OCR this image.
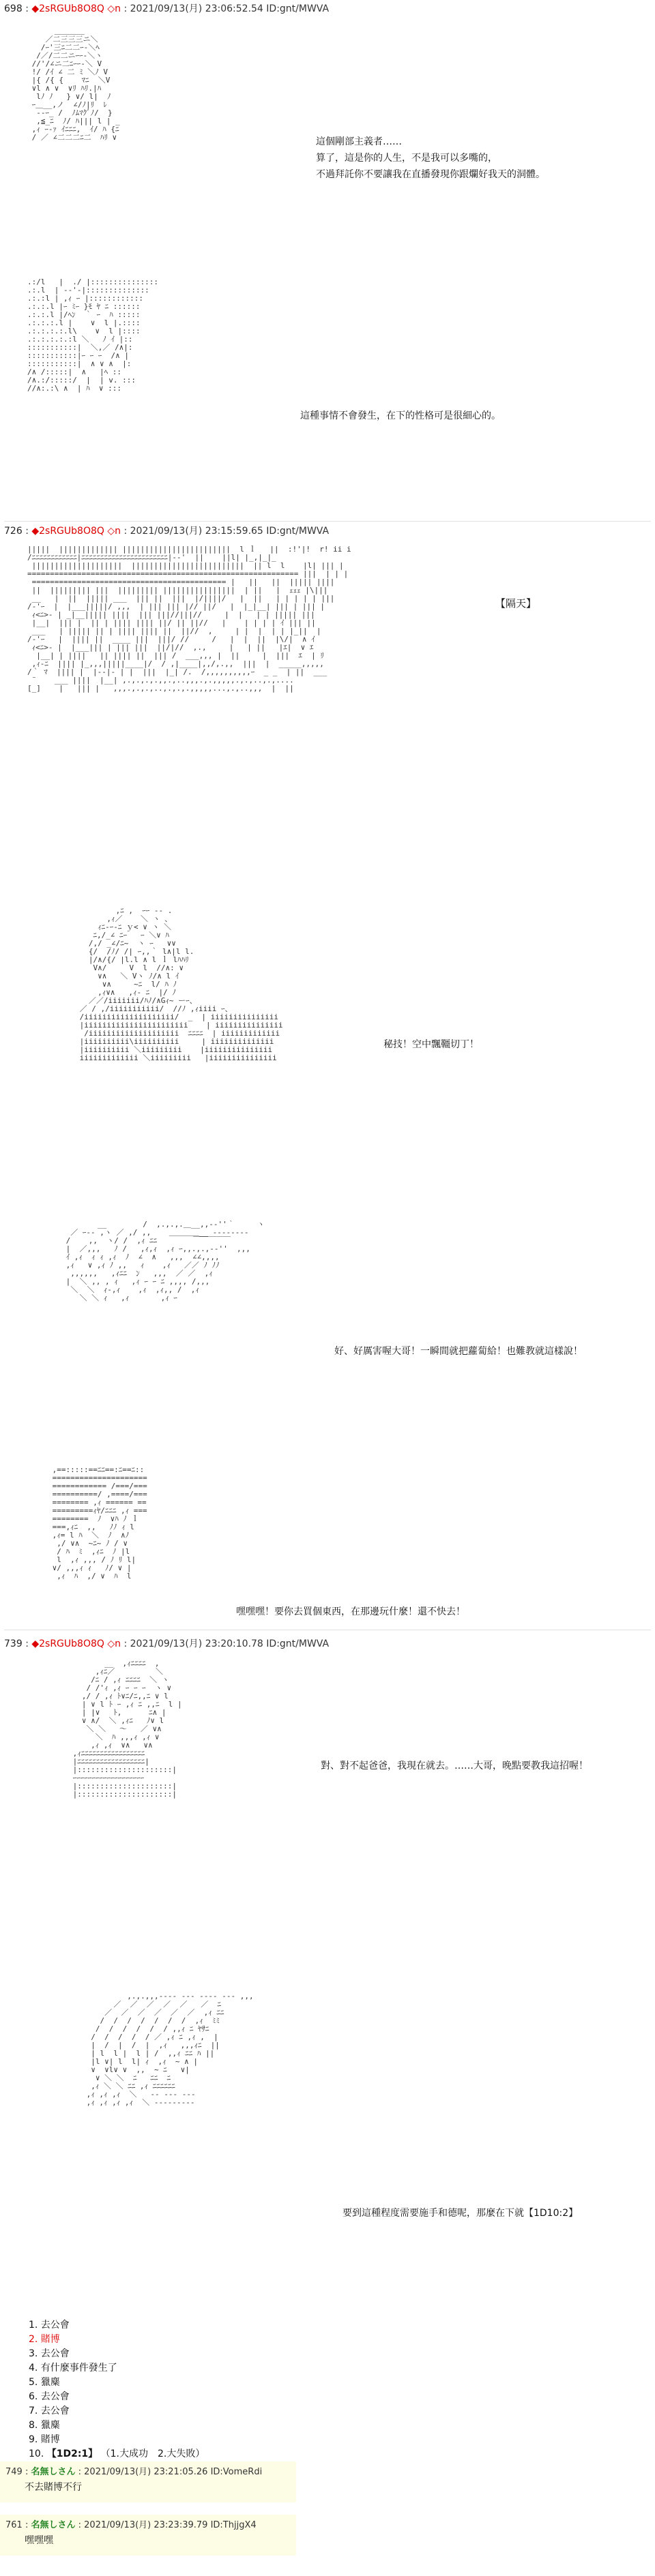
698 : ◆2sRGUb8O8Q ◇n : 2021/09/13(月) 23:06:52.54 ID:gnt/MWVA
＿＿＿＿
／二三三三ニ＼
/ｰ'三ﾆ二二ｰ-＼ﾍ
/／/二二ニｰｰ-＼ヽ
//'/∠ニ二ﾆｰｰ-＼ V
!/ /ｲ ∠ 二 ﾐ ＼ﾉ V
|{ /{ {    ﾏﾆ  ＼V
∨l ∧ ∨  ∨ﾘ ﾊﾘ.|ﾊ
lﾉ ﾉ   } ∨/ l|  ﾉ
ｰ＿__,ノ  ∠/ﾉ|ﾘ  ﾚ
‐-ｰ_ /  ﾉﾑﾏｸﾞﾉ/  }
,≦_ﾆ  ﾉ/ ﾊ||| l | _
,ｨ ｰ‐ｧ ｲﾆﾆﾆ,  ｲ/ ﾊ {ﾆ
/ ／ ∠二二二ﾆ二  ﾊﾘ ∨	這個剛部主義者……
算了，這是你的人生，不是我可以多嘴的，
不過拜託你不要讓我在直播發現你跟爛好我天的洞體。
.:/l   |  ./ |:::::::::::::::
.:.l  | ‐‐'‐|::::::::::::::
.:.:l | ,ｨ ｰ |::::::::::::
.:.:.l |ｰ ﾐｰ }ﾓ ﾔ ﾆ ::::::
.:.:.l |/ﾍﾝ  ｀ ｰ  ﾊ :::::
.:.:.:.l |    ∨  l |.::::
.:.:.:.:.l\    ∨  l |::::
.:.:.:.:.:l ＼   ﾉ ｲ |::
:::::::::::|  ＼,／ /∧|:
:::::::::::|ｰ ｰ ｰ  /∧ |
:::::::::::|  ∧ ∨ ∧  |:
/∧ /:::::|  ∧   |ﾍ ::
/∧.:/:::::/  |  | v. :::
//∧:.:\ ∧  | ﾊ  ∨ :::

這種事情不會發生，在下的性格可是很細心的。
726 : ◆2sRGUb8O8Q ◇n : 2021/09/13(月) 23:15:59.65 ID:gnt/MWVA
|||||  ||||||||||||| ||||||||||||||||||||||||  l ｌ   ||  :!'|!  r! ii i
/ﾆﾆﾆﾆﾆﾆﾆﾆﾆﾆﾆﾆ|ﾆﾆﾆﾆﾆﾆﾆﾆﾆﾆﾆﾆﾆﾆﾆﾆﾆﾆﾆﾆﾆﾆﾆ|‐‐'  ||    ||l| |_,|_|_
||||||||||||||||||||  |||||||||||||||||||||||||  || l  l    |l| ||| |
============================================================ |||  | | |
=========================================== |   ||   ||  ||||| ||||
||  ||||||||| |||  ||||||||| ||||||||||||||||  | ||   |  ｪｪｪ |\|||
__   |  ||  ||||| ___  ||| ||  |||  |/||||/   |  ||   | | | | | |||
/‐'ｰ  |  |___|||||/ ,,,  | ||| ||| |// ||/   |  |_|__| ||| | ||| |
ｨ<ﾆ>‐ | _|__||||| ||||  ||| |||//|||//     |  |   | | ||||| |||
|__|  ||| |  || | |||| |||| ||/ || ||//   |    | | | | ｲ ||| ||
___   | ||||| || | |||| |||| ||  ||//  ,     | |  |  | | |_||  |
/‐'ｰ   |  |||| ||  ____ |||  |||/ //     /   |  |  ||  |\/|  ∧ ｲ
ｨ<ﾆ>‐ |  |___||| | ||| |||  ||/|//  ,.,     |   | ||   |ｴ|  ∨ ｴ
|__| | ||||   || |||| ||  ||| /  ___,,, |  ||     |  |||  ｴ  | ﾘ
,ｨ‐ﾆ  |||| |_,,,|||||____|/  / ,|____|,,/,.,,  |||  |  _____,,,,,
/｀ ﾏ  |||| |  |‐‐|‐ | |  |||  |_| /.  /,,,,,,,,,,ｰ  _ _  | ||  ___
¨    ___ ||||  |__| ,.,.,.,.,,.,..,,,.,.,,,,,.,.,..,.,....
[_]    |   ||| |   ,,,.,.,.,..,.,.,.,,,,,...,.,..,,,  |  ||

【隔天】
,ﾆ ,  ｰｰ -‐ .
,ｨ／    ＼ ヽ 、
ｨﾆ‐ｰ-ﾆ ｙ< ∨ ヽ ＼
ﾆ,/_∠ ﾆｰ   ｰ ＼∨ ﾊ
/,/ _∠/ﾆ~  ヽ ｰ   ∨∨
{/  /ﾉ/ /| ｰ,,｀ l∧|l l.
|/∧/{/ |l.l ∧ l ｌ lﾊﾊﾘ
V∧/     V  l  //∧: ∨
∨∧   ＼ Vヽ ﾉ/∧ l ｲ
∨∧     ~ﾆ  l/ ﾊ ﾉ
,ｨ∨∧   ,ｨ‐ ﾆ  |/ ﾉ
／／/iiiiiii/ﾊﾉ/∧Gｨ~ ーｰ、
／ / ,/iiiiiiiiiii/  //ﾉ ,ｨiiii ｰ、
/iiiiiiiiiiiiiiiiiiii/  _  | iiiiiiiiiiiiiii
|iiiiiiiiiiiiiiiiiiiiiii    | iiiiiiiiiiiiiii
/iiiiiiiiiiiiiiiiiiii  ﾆﾆﾆﾆ  | iiiiiiiiiiiii
|iiiiiiiiii\iiiiiiiiii     | iiiiiiiiiiiiii
|iiiiiiiiii ＼iiiiiiiii    |iiiiiiiiiiiiiii
iiiiiiiiiiiii ＼iiiiiiiii   |iiiiiiiiiiiiiii

秘技！空中飄韁切丁！
__        /  ,.,.,.＿__,,-‐''｀￣￣￣ヽ
／ ｰ‐‐ ,ヽ ／ ,/ ,,    ＿＿＿＿__ -‐‐‐‐‐‐‐
/    ,,  ヽ/ /  ,ｨ ﾆﾆ        ￣￣￣￣￣
|  ／,,,   ﾉ /   ,ｨ,ｨ  ,ｨ ｰ,,.,.,‐‐''  ,,,
ｲ ,ｨ  ｨ ｨ ,ｨ  ﾉ  ∠  ∧   ,,,  ∠∠,,,,
,ｨ   ∨ ,ｨ ﾉ ,,   ｨ    ,ｨ   ／／ ﾉ ﾉﾉ
,,,,,,   ,ｨﾆﾆ  ﾝ   ,,,  ／ ／  ,ｨ
|  ＼ ,, , ｨ   ,ｨ ｰ ｰ ﾆ ,,,, /,,,
＼  ＼  ｨ‐,ｨ    ,ｨ  ,ｨ,, /  ,ｨ
＼ ＼ ｨ   ,ｨ       ,ｨ ｰ

好、好厲害喔大哥！一瞬間就把蘿蔔給！也難教就這樣說！
,==:::::==ﾆﾆ==:ﾆ==ﾆ::
=====================
============ /===/===
==========/ ,====/===
======== ,ｨ ====== ==
=========ｨﾔ/ﾆﾆﾆ ,ｨ ===
========  ﾉ  ∨ﾊ ﾉ ｌ
===,ｨﾆ  ,,   ﾉﾉ ｨ l
,ｨ= l ﾊ  ＼  ﾉ  ∧ﾉ
,/ ∨∧  ~ﾆ~ ﾉ / ∨
/ ﾊ  ﾐ  ,ｨﾆ  ﾉ |l
l  ,ｨ ,,, / ﾉ ﾘ l|
∨/ ,,,ｨ ｨ   ﾉ/ ∨ |
,ｨ  ﾊ  ,/ ∨  ﾊ  l

嘿嘿嘿！要你去買個東西，在那邊玩什麼！還不快去！
739 : ◆2sRGUb8O8Q ◇n : 2021/09/13(月) 23:20:10.78 ID:gnt/MWVA
__  ,ｨﾆﾆﾆﾆ  ,
,ｨﾆ／         ＼
/ﾆ / ,ｨ ﾆﾆﾆﾆ  ＼ ヽ
/ /'ｨ ,ｨ ｰ ｰ ｰ  ヽ ∨
,/ / ,ｨ ﾄ∨ﾆ/ﾆ,,ﾆ ∨ l
| ∨ l ﾄ ｰ ,ｨ ﾆ ,,ﾆ  l |
| |∨   ﾄ,      ﾆ∧ |
∨ ∧/  ＼ ,ｨﾆ   ﾉ∨ l
＼ ＼   ～   ／ ∨∧
＼  ﾊ ,,,ｨ ,ｨ ∨
,ｨ ,ｨ  ∨∧   ∨∧
,ｨﾆﾆﾆﾆﾆﾆﾆﾆﾆﾆﾆﾆﾆﾆﾆﾆﾆ
|ﾆﾆﾆﾆﾆﾆﾆﾆﾆﾆﾆﾆﾆﾆﾆﾆﾆﾆ|
|:::::::::::::::::::::|
ｰｰｰｰｰｰｰｰｰｰｰｰｰｰｰｰｰｰｰ
|:::::::::::::::::::::|
|:::::::::::::::::::::|

對、對不起爸爸，我現在就去。……大哥，晚點要教我這招喔！
,.,.,,,‐‐‐‐ ‐‐‐ ‐‐‐‐ ‐‐‐ ,,,
／  ／  ／  ／  ／   ／  ﾆ
／  ／  ／  ／  ／  ／  ,ｨ ﾆﾆ
/  /  /  /  /  /  /  ,ｨ  ﾐﾐ
/  /  /  /  /  / ,,ｨ ﾆ ﾔｻﾆ
/  /  /  /  / ／ ,ｨ ﾆ ,ｨ ,  |
|  /  |  /  |  ,ｨ   ,,,ｨﾆ  ||
| l  l |  l | /  ,,ｨ ﾆﾆ ﾊ ||
|l ∨| l  l| ｨ  ,ｨ  ~ ∧ |
∨  ∨l∨ ∨  ,,  ~ ﾆ   ∨|
∨ ＼ ＼  ﾆ   ﾆﾆ  ﾆ
,ｨ ＼ ＼ ﾆﾆ ,ｨ ﾆﾆﾆﾆﾆﾆ
,ｨ ,ｨ ,ｨ  ＼   ‐‐ ‐‐‐ ‐‐‐
,ｨ ,ｨ ,ｨ ,ｨ  ＼ ‐‐‐‐‐‐‐‐‐

要到這種程度需要施手和德呢，那麼在下就【1D10:2】
1. 去公會
2. 賭博
3. 去公會
4. 有什麼事件發生了
5. 獵麋
6. 去公會
7. 去公會
8. 獵麋
9. 賭博
10. 【1D2:1】 （1.大成功　2.大失敗）
749 : 名無しさん : 2021/09/13(月) 23:21:05.26 ID:VomeRdi
不去賭博不行
761 : 名無しさん : 2021/09/13(月) 23:23:39.79 ID:ThjjgX4
嘿嘿嘿
